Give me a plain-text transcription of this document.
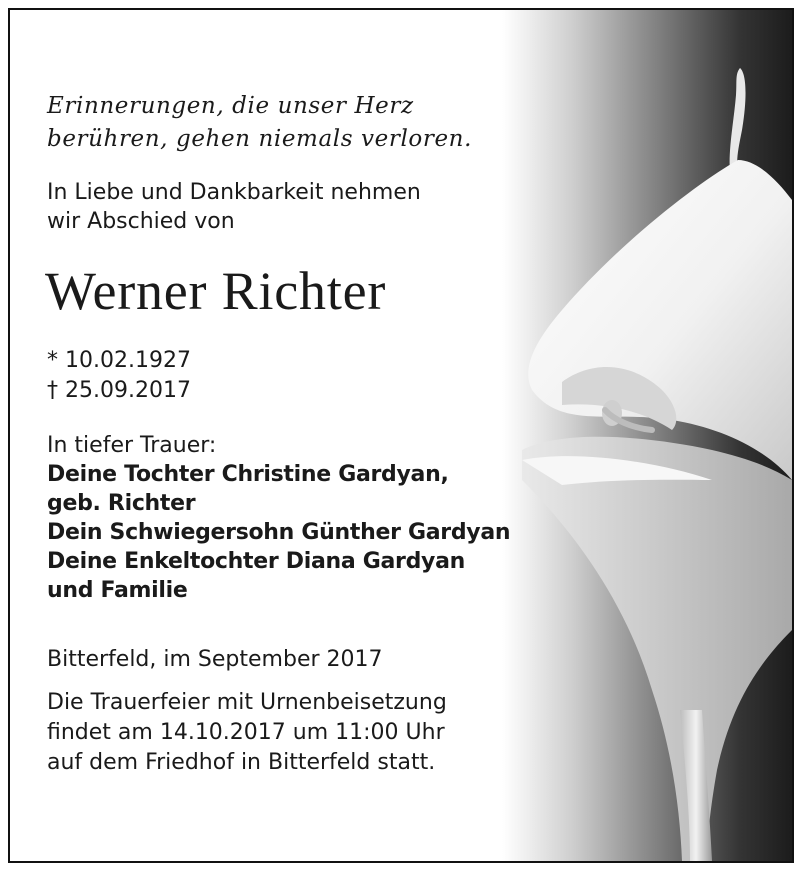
Erinnerungen, die unser Herz
berühren, gehen niemals verloren.
In Liebe und Dankbarkeit nehmen
wir Abschied von
Werner Richter
* 10.02.1927
† 25.09.2017
In tiefer Trauer:
Deine Tochter Christine Gardyan,
geb. Richter
Dein Schwiegersohn Günther Gardyan
Deine Enkeltochter Diana Gardyan
und Familie
Bitterfeld, im September 2017
Die Trauerfeier mit Urnenbeisetzung
findet am 14.10.2017 um 11:00 Uhr
auf dem Friedhof in Bitterfeld statt.
